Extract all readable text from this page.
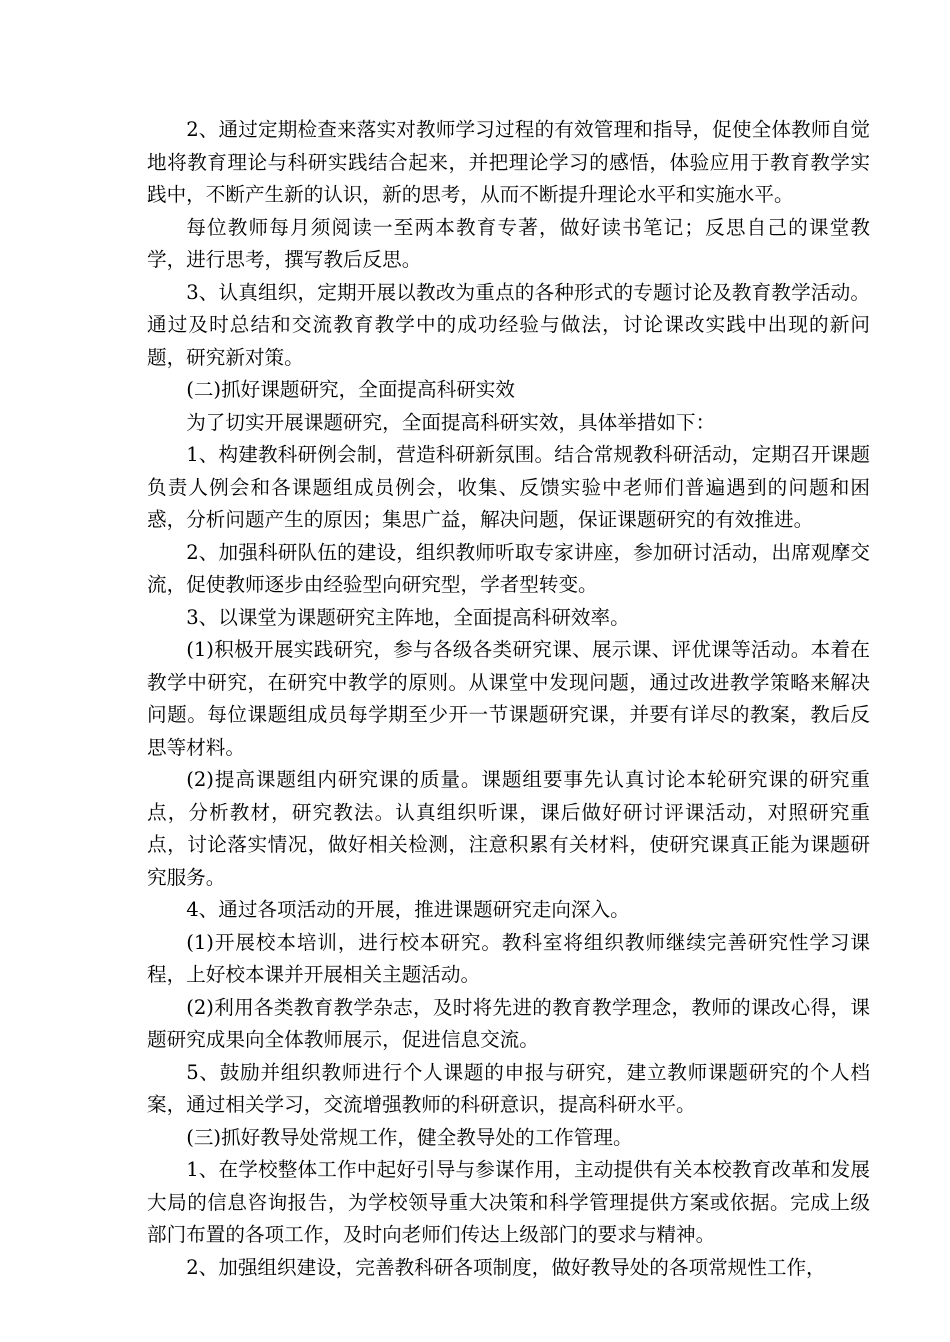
2、通过定期检查来落实对教师学习过程的有效管理和指导，促使全体教师自觉地将教育理论与科研实践结合起来，并把理论学习的感悟，体验应用于教育教学实践中，不断产生新的认识，新的思考，从而不断提升理论水平和实施水平。

每位教师每月须阅读一至两本教育专著，做好读书笔记；反思自己的课堂教学，进行思考，撰写教后反思。

3、认真组织，定期开展以教改为重点的各种形式的专题讨论及教育教学活动。通过及时总结和交流教育教学中的成功经验与做法，讨论课改实践中出现的新问题，研究新对策。

(二)抓好课题研究，全面提高科研实效

为了切实开展课题研究，全面提高科研实效，具体举措如下：

1、构建教科研例会制，营造科研新氛围。结合常规教科研活动，定期召开课题负责人例会和各课题组成员例会，收集、反馈实验中老师们普遍遇到的问题和困惑，分析问题产生的原因；集思广益，解决问题，保证课题研究的有效推进。

2、加强科研队伍的建设，组织教师听取专家讲座，参加研讨活动，出席观摩交流，促使教师逐步由经验型向研究型，学者型转变。

3、以课堂为课题研究主阵地，全面提高科研效率。

(1)积极开展实践研究，参与各级各类研究课、展示课、评优课等活动。本着在教学中研究，在研究中教学的原则。从课堂中发现问题，通过改进教学策略来解决问题。每位课题组成员每学期至少开一节课题研究课，并要有详尽的教案，教后反思等材料。

(2)提高课题组内研究课的质量。课题组要事先认真讨论本轮研究课的研究重点，分析教材，研究教法。认真组织听课，课后做好研讨评课活动，对照研究重点，讨论落实情况，做好相关检测，注意积累有关材料，使研究课真正能为课题研究服务。

4、通过各项活动的开展，推进课题研究走向深入。

(1)开展校本培训，进行校本研究。教科室将组织教师继续完善研究性学习课程，上好校本课并开展相关主题活动。

(2)利用各类教育教学杂志，及时将先进的教育教学理念，教师的课改心得，课题研究成果向全体教师展示，促进信息交流。

5、鼓励并组织教师进行个人课题的申报与研究，建立教师课题研究的个人档案，通过相关学习，交流增强教师的科研意识，提高科研水平。

(三)抓好教导处常规工作，健全教导处的工作管理。

1、在学校整体工作中起好引导与参谋作用，主动提供有关本校教育改革和发展大局的信息咨询报告，为学校领导重大决策和科学管理提供方案或依据。完成上级部门布置的各项工作，及时向老师们传达上级部门的要求与精神。

2、加强组织建设，完善教科研各项制度，做好教导处的各项常规性工作，
